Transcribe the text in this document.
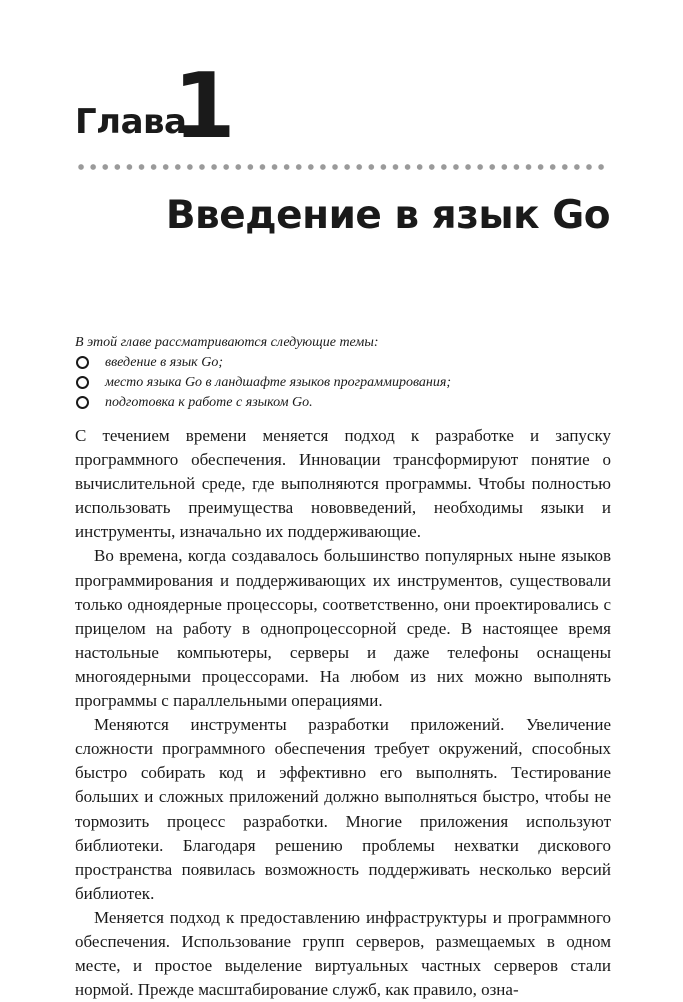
Глава
1
Введение в язык Go
В этой главе рассматриваются следующие темы:
введение в язык Go;
место языка Go в ландшафте языков программирования;
подготовка к работе с языком Go.

С течением времени меняется подход к разработке и запуску программного обеспечения. Инновации трансформируют понятие о вычислительной среде, где выполняются программы. Чтобы полностью использовать преимущества нововведений, необходимы языки и инструменты, изначально их поддерживающие.

Во времена, когда создавалось большинство популярных ныне языков программирования и поддерживающих их инструментов, существовали только одноядерные процессоры, соответственно, они проектировались с прицелом на работу в однопроцессорной среде. В настоящее время настольные компьютеры, серверы и даже телефоны оснащены многоядерными процессорами. На любом из них можно выполнять программы с параллельными операциями.

Меняются инструменты разработки приложений. Увеличение сложности программного обеспечения требует окружений, способных быстро собирать код и эффективно его выполнять. Тестирование больших и сложных приложений должно выполняться быстро, чтобы не тормозить процесс разработки. Многие приложения используют библиотеки. Благодаря решению проблемы нехватки дискового пространства появилась возможность поддерживать несколько версий библиотек.

Меняется подход к предоставлению инфраструктуры и программного обеспечения. Использование групп серверов, размещаемых в одном месте, и простое выделение виртуальных частных серверов стали нормой. Прежде масштабирование служб, как правило, озна-
